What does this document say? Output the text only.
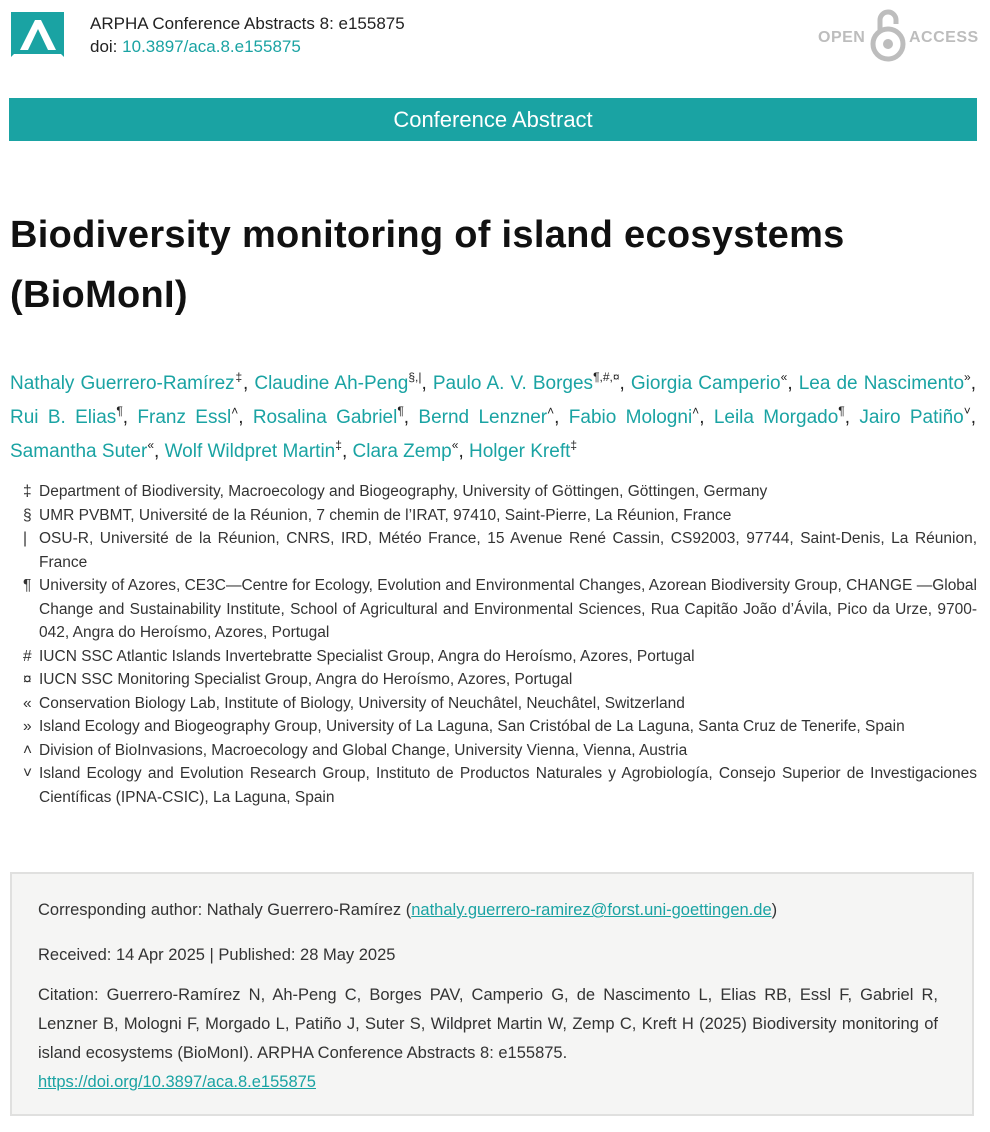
ARPHA Conference Abstracts 8: e155875
doi: 10.3897/aca.8.e155875	OPEN	ACCESS
Conference Abstract
Biodiversity monitoring of island ecosystems
(BioMonI)
Nathaly Guerrero-Ramírez‡, Claudine Ah-Peng§,|, Paulo A. V. Borges¶,#,¤, Giorgia Camperio«, Lea de Nascimento», Rui B. Elias¶, Franz Essl˄, Rosalina Gabriel¶, Bernd Lenzner˄, Fabio Mologni˄, Leila Morgado¶, Jairo Patiño˅, Samantha Suter«, Wolf Wildpret Martin‡, Clara Zemp«, Holger Kreft‡
‡ Department of Biodiversity, Macroecology and Biogeography, University of Göttingen, Göttingen, Germany
§ UMR PVBMT, Université de la Réunion, 7 chemin de l’IRAT, 97410, Saint-Pierre, La Réunion, France
| OSU-R, Université de la Réunion, CNRS, IRD, Météo France, 15 Avenue René Cassin, CS92003, 97744, Saint-Denis, La Réunion, France
¶ University of Azores, CE3C—Centre for Ecology, Evolution and Environmental Changes, Azorean Biodiversity Group, CHANGE —Global Change and Sustainability Institute, School of Agricultural and Environmental Sciences, Rua Capitão João d’Ávila, Pico da Urze, 9700-042, Angra do Heroísmo, Azores, Portugal
# IUCN SSC Atlantic Islands Invertebratte Specialist Group, Angra do Heroísmo, Azores, Portugal
¤ IUCN SSC Monitoring Specialist Group, Angra do Heroísmo, Azores, Portugal
« Conservation Biology Lab, Institute of Biology, University of Neuchâtel, Neuchâtel, Switzerland
» Island Ecology and Biogeography Group, University of La Laguna, San Cristóbal de La Laguna, Santa Cruz de Tenerife, Spain
˄ Division of BioInvasions, Macroecology and Global Change, University Vienna, Vienna, Austria
˅ Island Ecology and Evolution Research Group, Instituto de Productos Naturales y Agrobiología, Consejo Superior de Investigaciones Científicas (IPNA-CSIC), La Laguna, Spain
Corresponding author: Nathaly Guerrero-Ramírez (nathaly.guerrero-ramirez@forst.uni-goettingen.de)
Received: 14 Apr 2025 | Published: 28 May 2025
Citation: Guerrero-Ramírez N, Ah-Peng C, Borges PAV, Camperio G, de Nascimento L, Elias RB, Essl F, Gabriel R, Lenzner B, Mologni F, Morgado L, Patiño J, Suter S, Wildpret Martin W, Zemp C, Kreft H (2025) Biodiversity monitoring of island ecosystems (BioMonI). ARPHA Conference Abstracts 8: e155875.
https://doi.org/10.3897/aca.8.e155875
